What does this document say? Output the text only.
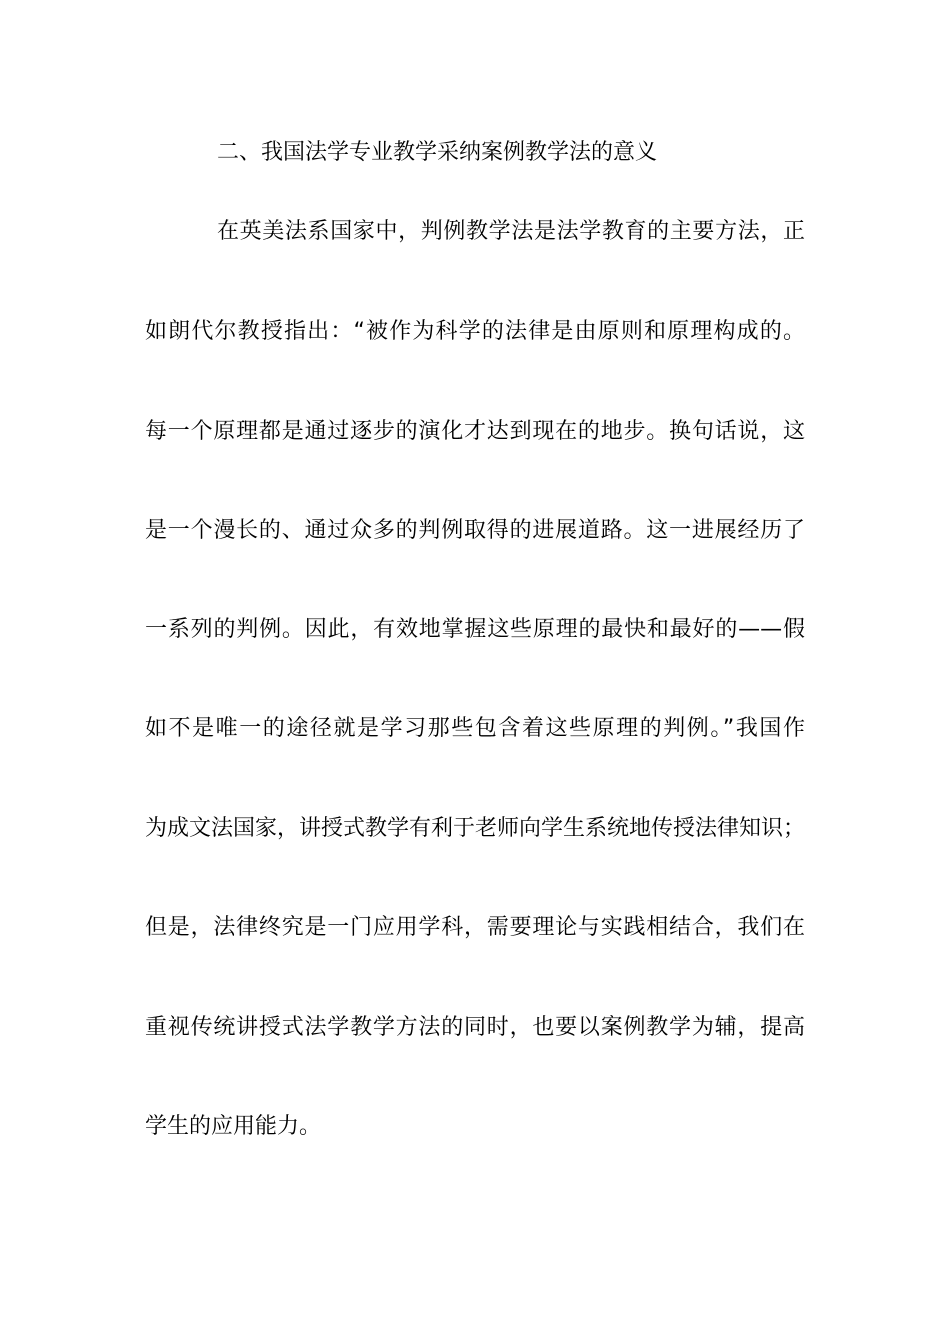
二、我国法学专业教学采纳案例教学法的意义
在英美法系国家中，判例教学法是法学教育的主要方法，正
如朗代尔教授指出：“被作为科学的法律是由原则和原理构成的。
每一个原理都是通过逐步的演化才达到现在的地步。换句话说，这
是一个漫长的、通过众多的判例取得的进展道路。这一进展经历了
一系列的判例。因此，有效地掌握这些原理的最快和最好的——假
如不是唯一的途径就是学习那些包含着这些原理的判例。”我国作
为成文法国家，讲授式教学有利于老师向学生系统地传授法律知识；
但是，法律终究是一门应用学科，需要理论与实践相结合，我们在
重视传统讲授式法学教学方法的同时，也要以案例教学为辅，提高
学生的应用能力。
